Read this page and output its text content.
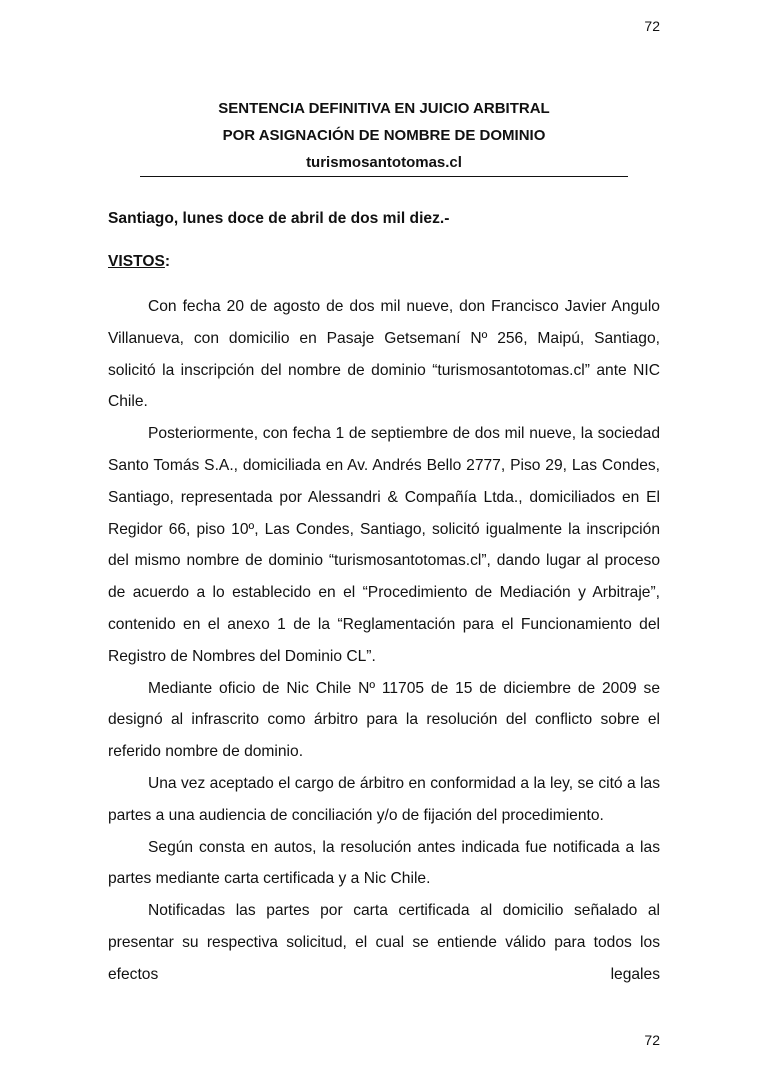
72
SENTENCIA DEFINITIVA EN JUICIO ARBITRAL
POR ASIGNACIÓN DE NOMBRE DE DOMINIO
turismosantotomas.cl
Santiago, lunes doce de abril de dos mil diez.-
VISTOS:

Con fecha 20 de agosto de dos mil nueve, don Francisco Javier Angulo Villanueva, con domicilio en Pasaje Getsemaní Nº 256, Maipú, Santiago, solicitó la inscripción del nombre de dominio “turismosantotomas.cl” ante NIC Chile.

Posteriormente, con fecha 1 de septiembre de dos mil nueve, la sociedad Santo Tomás S.A., domiciliada en Av. Andrés Bello 2777, Piso 29, Las Condes, Santiago, representada por Alessandri & Compañía Ltda., domiciliados en El Regidor 66, piso 10º, Las Condes, Santiago, solicitó igualmente la inscripción del mismo nombre de dominio “turismosantotomas.cl”, dando lugar al proceso de acuerdo a lo establecido en el “Procedimiento de Mediación y Arbitraje”, contenido en el anexo 1 de la “Reglamentación para el Funcionamiento del Registro de Nombres del Dominio CL”.

Mediante oficio de Nic Chile Nº 11705 de 15 de diciembre de 2009 se designó al infrascrito como árbitro para la resolución del conflicto sobre el referido nombre de dominio.

Una vez aceptado el cargo de árbitro en conformidad a la ley, se citó a las partes a una audiencia de conciliación y/o de fijación del procedimiento.

Según consta en autos, la resolución antes indicada fue notificada a las partes mediante carta certificada y a Nic Chile.

Notificadas las partes por carta certificada al domicilio señalado al presentar su respectiva solicitud, el cual se entiende válido para todos los efectos legales

72
